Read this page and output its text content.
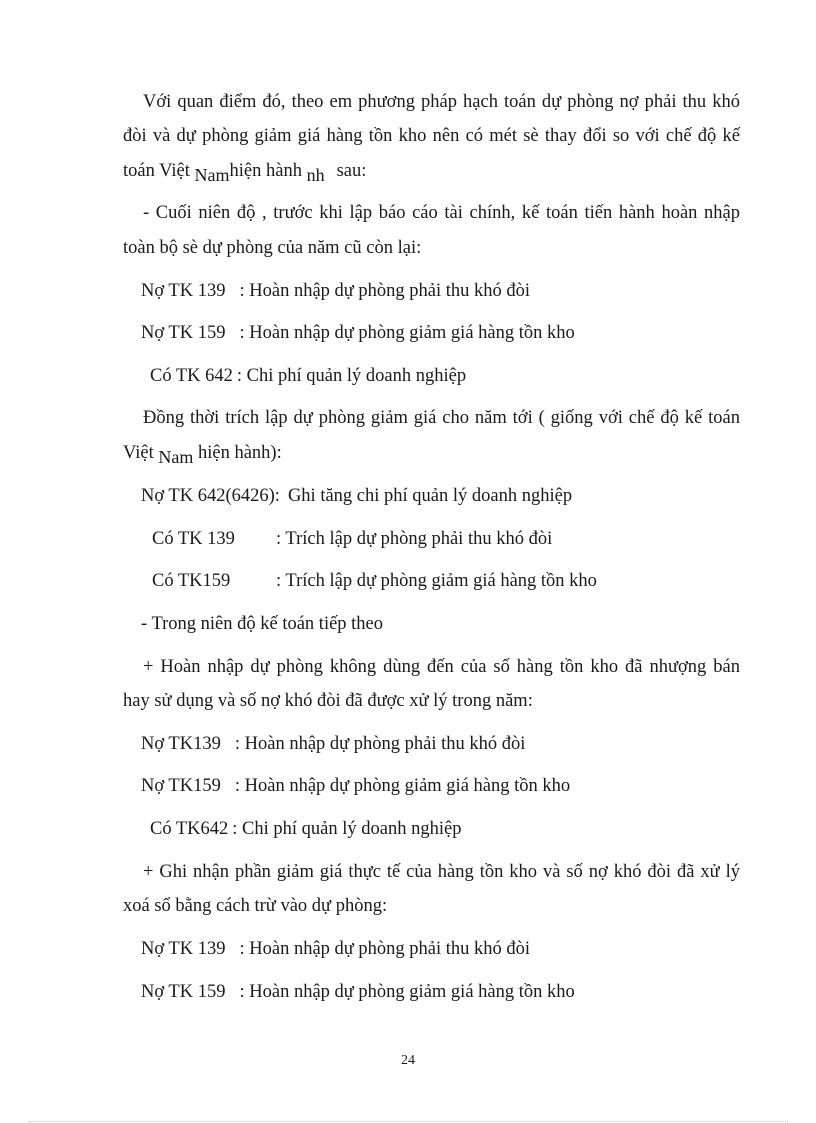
Với quan điểm đó, theo em phương pháp hạch toán dự phòng nợ phải thu khó
đòi và dự phòng giảm giá hàng tồn kho nên có mét sè thay đổi so với chế độ kế
toán Việt Namhiện hành nh sau:
- Cuối niên độ , trước khi lập báo cáo tài chính, kế toán tiến hành hoàn nhập
toàn bộ sè dự phòng của năm cũ còn lại:
Nợ TK 139 : Hoàn nhập dự phòng phải thu khó đòi
Nợ TK 159 : Hoàn nhập dự phòng giảm giá hàng tồn kho
Có TK 642 : Chi phí quản lý doanh nghiệp
Đồng thời trích lập dự phòng giảm giá cho năm tới ( giống với chế độ kế toán
Việt Nam hiện hành):
Nợ TK 642(6426): Ghi tăng chi phí quản lý doanh nghiệp
Có TK 139 : Trích lập dự phòng phải thu khó đòi
Có TK159 : Trích lập dự phòng giảm giá hàng tồn kho
- Trong niên độ kế toán tiếp theo
+ Hoàn nhập dự phòng không dùng đến của số hàng tồn kho đã nhượng bán
hay sử dụng và số nợ khó đòi đã được xử lý trong năm:
Nợ TK139 : Hoàn nhập dự phòng phải thu khó đòi
Nợ TK159 : Hoàn nhập dự phòng giảm giá hàng tồn kho
Có TK642 : Chi phí quản lý doanh nghiệp
+ Ghi nhận phần giảm giá thực tế của hàng tồn kho và số nợ khó đòi đã xử lý
xoá sổ bằng cách trừ vào dự phòng:
Nợ TK 139 : Hoàn nhập dự phòng phải thu khó đòi
Nợ TK 159 : Hoàn nhập dự phòng giảm giá hàng tồn kho
24
